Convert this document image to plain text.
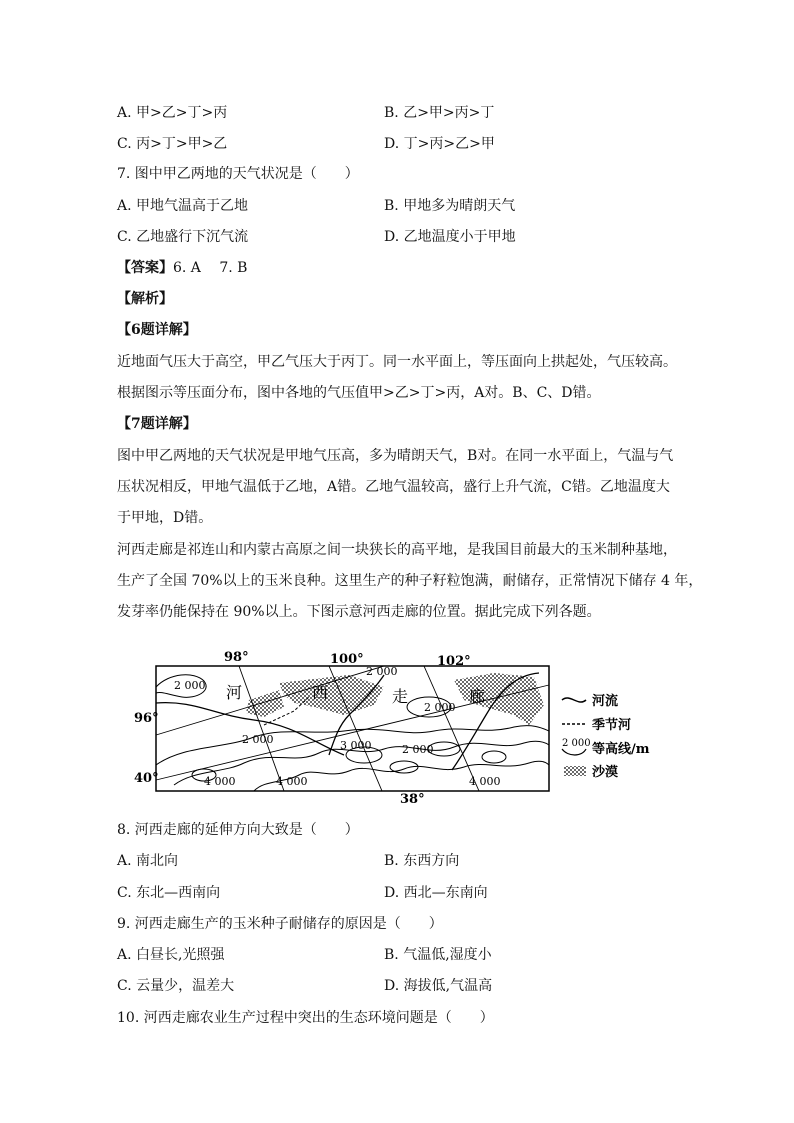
A. 甲>乙>丁>丙	B. 乙>甲>丙>丁
C. 丙>丁>甲>乙	D. 丁>丙>乙>甲
7. 图中甲乙两地的天气状况是（　　）
A. 甲地气温高于乙地	B. 甲地多为晴朗天气
C. 乙地盛行下沉气流	D. 乙地温度小于甲地
【答案】6. A　 7. B
【解析】
【6题详解】
近地面气压大于高空，甲乙气压大于丙丁。同一水平面上，等压面向上拱起处，气压较高。
根据图示等压面分布，图中各地的气压值甲>乙>丁>丙，A对。B、C、D错。
【7题详解】
图中甲乙两地的天气状况是甲地气压高，多为晴朗天气，B对。在同一水平面上，气温与气
压状况相反，甲地气温低于乙地，A错。乙地气温较高，盛行上升气流，C错。乙地温度大
于甲地，D错。
河西走廊是祁连山和内蒙古高原之间一块狭长的高平地，是我国目前最大的玉米制种基地，
生产了全国 70%以上的玉米良种。这里生产的种子籽粒饱满，耐储存，正常情况下储存 4 年，
发芽率仍能保持在 90%以上。下图示意河西走廊的位置。据此完成下列各题。
98°	100°	102°
96°
40°
38°
河	西	走	廊
2 000
2 000
2 000
2 000	3 000	2 000
4 000	4 000	4 000
河流
季节河
2 000 等高线/m
沙漠
8. 河西走廊的延伸方向大致是（　　）
A. 南北向	B. 东西方向
C. 东北—西南向	D. 西北—东南向
9. 河西走廊生产的玉米种子耐储存的原因是（　　）
A. 白昼长,光照强	B. 气温低,湿度小
C. 云量少，温差大	D. 海拔低,气温高
10. 河西走廊农业生产过程中突出的生态环境问题是（　　）
